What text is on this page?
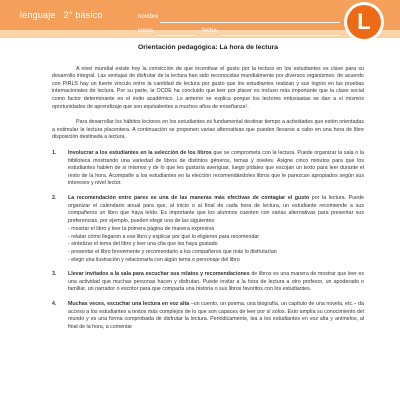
lenguaje 2° básico	nombre
curso	fecha	L
Orientación pedagógica: La hora de lectura

A nivel mundial existe hoy la convicción de que incentivar el gusto por la lectura en los estudiantes es clave para su desarrollo integral. Las ventajas de disfrutar de la lectura han sido reconocidas mundialmente por diversos organismos: de acuerdo con PIRLS hay un fuerte vínculo entre la cantidad de lectura por gusto que los estudiantes realizan y sus logros en las pruebas internacionales de lectura. Por su parte, la OCDE ha concluido que leer por placer es incluso más importante que la clase social como factor determinante en el éxito académico. Lo anterior se explica porque los lectores entusiastas se dan a sí mismos oportunidades de aprendizaje que son equivalentes a muchos años de enseñanza¹.

Para desarrollar los hábitos lectores en los estudiantes es fundamental destinar tiempo a actividades que estén orientadas a estimular la lectura placentera. A continuación se proponen varias alternativas que pueden llevarse a cabo en una hora de libre disposición destinada a lectura.

1. Involucrar a los estudiantes en la selección de los libros que se comprometa con la lectura. Puede organizar la sala o la biblioteca mostrando una variedad de libros de distintos géneros, temas y niveles. Asigne cinco minutos para que los estudiantes hablen de sí mismos y de lo que les gustaría averiguar, luego pídales que escojan un texto para leer durante el resto de la hora. Acompañe a los estudiantes en la elección recomendándoles libros que le parezcan apropiados según sus intereses y nivel lector.
2. La recomendación entre pares es una de las maneras más efectivas de contagiar el gusto por la lectura. Puede organizar el calendario anual para que, al inicio o al final de cada hora de lectura, un estudiante recomiende a sus compañeros un libro que haya leído. Es importante que los alumnos cuenten con varias alternativas para presentar sus preferencias, por ejemplo, pueden elegir una de las siguientes:
- mostrar el libro y leer la primera página de manera expresiva
- relatar cómo llegaron a ese libro y explicar por qué lo eligieron para recomendar
- sintetizar el tema del libro y leer una cita que les haya gustado
- presentar el libro brevemente y recomendarlo a los compañeros que más lo disfrutarían
- elegir una ilustración y relacionarla con algún tema o personaje del libro
3. Llevar invitados a la sala para escuchar sus relatos y recomendaciones de libros es una manera de mostrar que leer es una actividad que muchas personas hacen y disfrutan. Puede invitar a la hora de lectura a otro profesor, un apoderado o familiar, un narrador o escritor para que comparta una historia o sus libros favoritos con los estudiantes.
4. Muchas veces, escuchar una lectura en voz alta –un cuento, un poema, una biografía, un capítulo de una novela, etc.– da acceso a los estudiantes a textos más complejos de lo que son capaces de leer por sí solos. Esto amplía su conocimiento del mundo y es una forma comprobada de disfrutar la lectura. Periódicamente, lea a los estudiantes en voz alta y anímelos, al final de la hora, a comentar
